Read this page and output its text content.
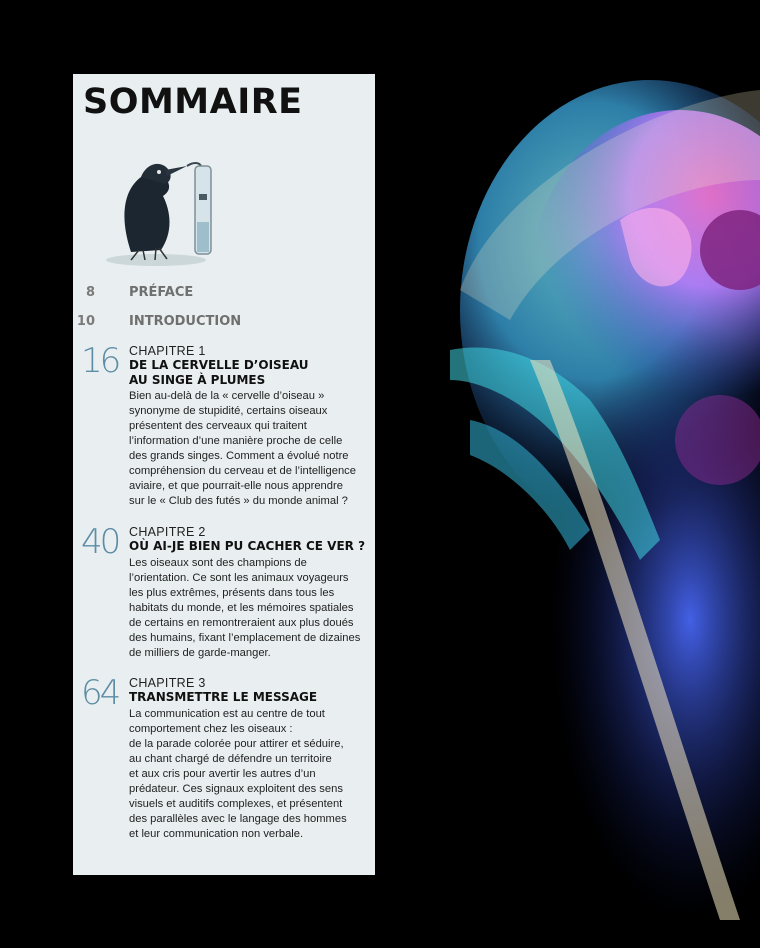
SOMMAIRE
8	PRÉFACE
10	INTRODUCTION
16 CHAPITRE 1
DE LA CERVELLE D’OISEAU
AU SINGE À PLUMES

Bien au-delà de la « cervelle d’oiseau »
synonyme de stupidité, certains oiseaux
présentent des cerveaux qui traitent
l’information d’une manière proche de celle
des grands singes. Comment a évolué notre
compréhension du cerveau et de l’intelligence
aviaire, et que pourrait-elle nous apprendre
sur le « Club des futés » du monde animal ?

40 CHAPITRE 2
OÙ AI-JE BIEN PU CACHER CE VER ?

Les oiseaux sont des champions de
l’orientation. Ce sont les animaux voyageurs
les plus extrêmes, présents dans tous les
habitats du monde, et les mémoires spatiales
de certains en remontreraient aux plus doués
des humains, fixant l’emplacement de dizaines
de milliers de garde-manger.

64 CHAPITRE 3
TRANSMETTRE LE MESSAGE

La communication est au centre de tout
comportement chez les oiseaux :
de la parade colorée pour attirer et séduire,
au chant chargé de défendre un territoire
et aux cris pour avertir les autres d’un
prédateur. Ces signaux exploitent des sens
visuels et auditifs complexes, et présentent
des parallèles avec le langage des hommes
et leur communication non verbale.
